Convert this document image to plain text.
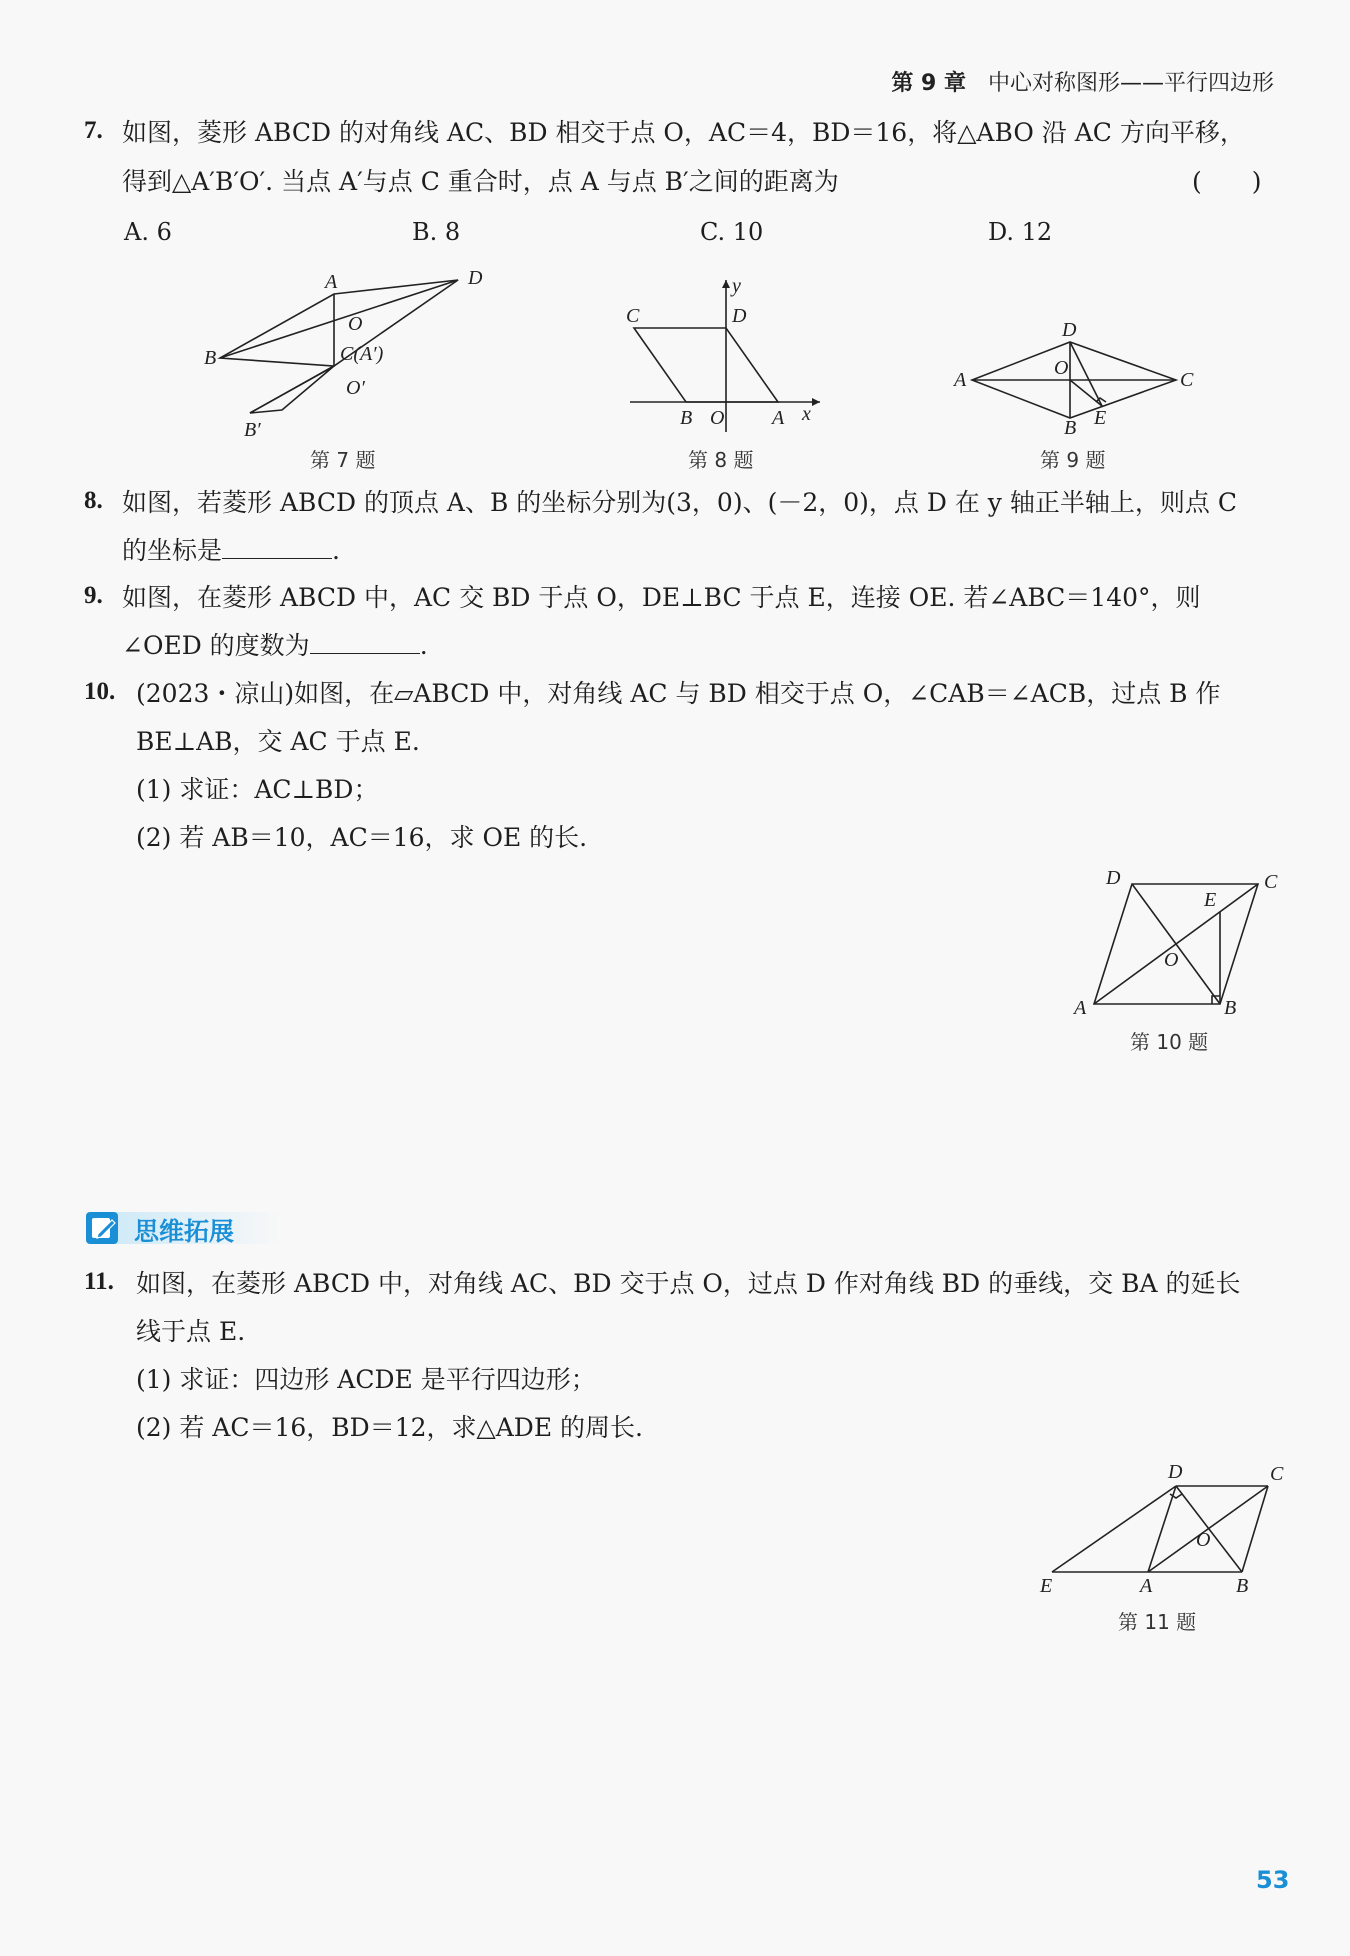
第 9 章 中心对称图形——平行四边形
7. 如图，菱形 ABCD 的对角线 AC、BD 相交于点 O，AC＝4，BD＝16，将△ABO 沿 AC 方向平移，
得到△A′B′O′. 当点 A′与点 C 重合时，点 A 与点 B′之间的距离为	(　　)
A. 6	B. 8	C. 10	D. 12
A	D
B
O
C(A′)
O′
B′
第 7 题
y
C	D
B O A x
第 8 题
D
A
O
C
B E
第 9 题
8. 如图，若菱形 ABCD 的顶点 A、B 的坐标分别为(3，0)、(－2，0)，点 D 在 y 轴正半轴上，则点 C
的坐标是	.
9. 如图，在菱形 ABCD 中，AC 交 BD 于点 O，DE⊥BC 于点 E，连接 OE. 若∠ABC＝140°，则
∠OED 的度数为	.
10. (2023・凉山)如图，在▱ABCD 中，对角线 AC 与 BD 相交于点 O，∠CAB＝∠ACB，过点 B 作
BE⊥AB，交 AC 于点 E.
(1) 求证：AC⊥BD；
(2) 若 AB＝10，AC＝16，求 OE 的长.
D	C
E
O
A	B
第 10 题
思维拓展
11. 如图，在菱形 ABCD 中，对角线 AC、BD 交于点 O，过点 D 作对角线 BD 的垂线，交 BA 的延长
线于点 E.
(1) 求证：四边形 ACDE 是平行四边形；
(2) 若 AC＝16，BD＝12，求△ADE 的周长.
D	C
O
E	A	B
第 11 题
53
